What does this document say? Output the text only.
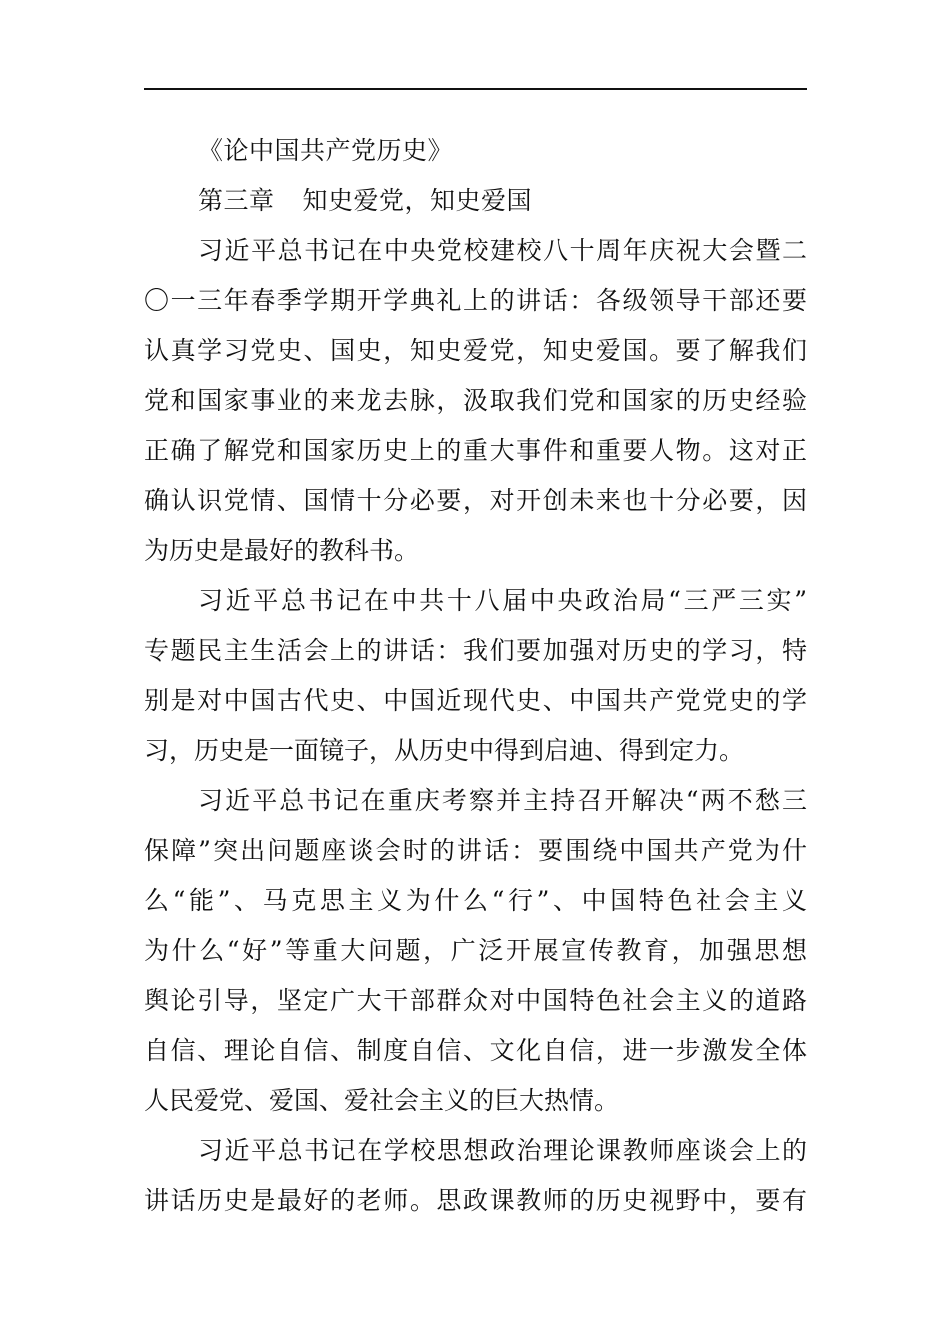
《论中国共产党历史》

第三章 知史爱党，知史爱国

习近平总书记在中央党校建校八十周年庆祝大会暨二

〇一三年春季学期开学典礼上的讲话：各级领导干部还要

认真学习党史、国史，知史爱党，知史爱国。要了解我们

党和国家事业的来龙去脉，汲取我们党和国家的历史经验

正确了解党和国家历史上的重大事件和重要人物。这对正

确认识党情、国情十分必要，对开创未来也十分必要，因

为历史是最好的教科书。

习近平总书记在中共十八届中央政治局“三严三实”

专题民主生活会上的讲话：我们要加强对历史的学习，特

别是对中国古代史、中国近现代史、中国共产党党史的学

习，历史是一面镜子，从历史中得到启迪、得到定力。

习近平总书记在重庆考察并主持召开解决“两不愁三

保障”突出问题座谈会时的讲话：要围绕中国共产党为什

么“能”、马克思主义为什么“行”、中国特色社会主义

为什么“好”等重大问题，广泛开展宣传教育，加强思想

舆论引导，坚定广大干部群众对中国特色社会主义的道路

自信、理论自信、制度自信、文化自信，进一步激发全体

人民爱党、爱国、爱社会主义的巨大热情。

习近平总书记在学校思想政治理论课教师座谈会上的

讲话历史是最好的老师。思政课教师的历史视野中，要有
